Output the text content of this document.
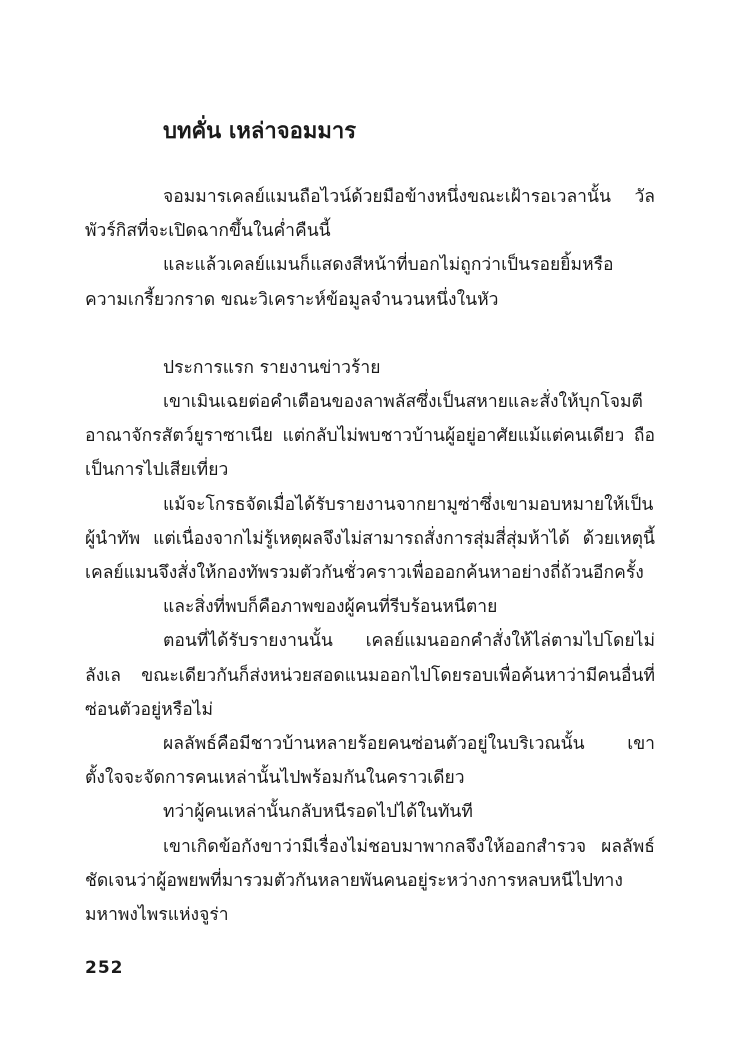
บทคั่น เหล่าจอมมาร

จอมมารเคลย์แมนถือไวน์ด้วยมือข้างหนึ่งขณะเฝ้ารอเวลานั้น วัลพัวร์กิสที่จะเปิดฉากขึ้นในค่ำคืนนี้

และแล้วเคลย์แมนก็แสดงสีหน้าที่บอกไม่ถูกว่าเป็นรอยยิ้มหรือความเกรี้ยวกราด ขณะวิเคราะห์ข้อมูลจำนวนหนึ่งในหัว

ประการแรก รายงานข่าวร้าย

เขาเมินเฉยต่อคำเตือนของลาพลัสซึ่งเป็นสหายและสั่งให้บุกโจมตีอาณาจักรสัตว์ยูราซาเนีย แต่กลับไม่พบชาวบ้านผู้อยู่อาศัยแม้แต่คนเดียว ถือเป็นการไปเสียเที่ยว

แม้จะโกรธจัดเมื่อได้รับรายงานจากยามูซ่าซึ่งเขามอบหมายให้เป็นผู้นำทัพ แต่เนื่องจากไม่รู้เหตุผลจึงไม่สามารถสั่งการสุ่มสี่สุ่มห้าได้ ด้วยเหตุนี้เคลย์แมนจึงสั่งให้กองทัพรวมตัวกันชั่วคราวเพื่อออกค้นหาอย่างถี่ถ้วนอีกครั้ง

และสิ่งที่พบก็คือภาพของผู้คนที่รีบร้อนหนีตาย

ตอนที่ได้รับรายงานนั้น เคลย์แมนออกคำสั่งให้ไล่ตามไปโดยไม่ลังเล ขณะเดียวกันก็ส่งหน่วยสอดแนมออกไปโดยรอบเพื่อค้นหาว่ามีคนอื่นที่ซ่อนตัวอยู่หรือไม่

ผลลัพธ์คือมีชาวบ้านหลายร้อยคนซ่อนตัวอยู่ในบริเวณนั้น เขาตั้งใจจะจัดการคนเหล่านั้นไปพร้อมกันในคราวเดียว

ทว่าผู้คนเหล่านั้นกลับหนีรอดไปได้ในทันที

เขาเกิดข้อกังขาว่ามีเรื่องไม่ชอบมาพากลจึงให้ออกสำรวจ ผลลัพธ์ชัดเจนว่าผู้อพยพที่มารวมตัวกันหลายพันคนอยู่ระหว่างการหลบหนีไปทางมหาพงไพรแห่งจูร่า

252
